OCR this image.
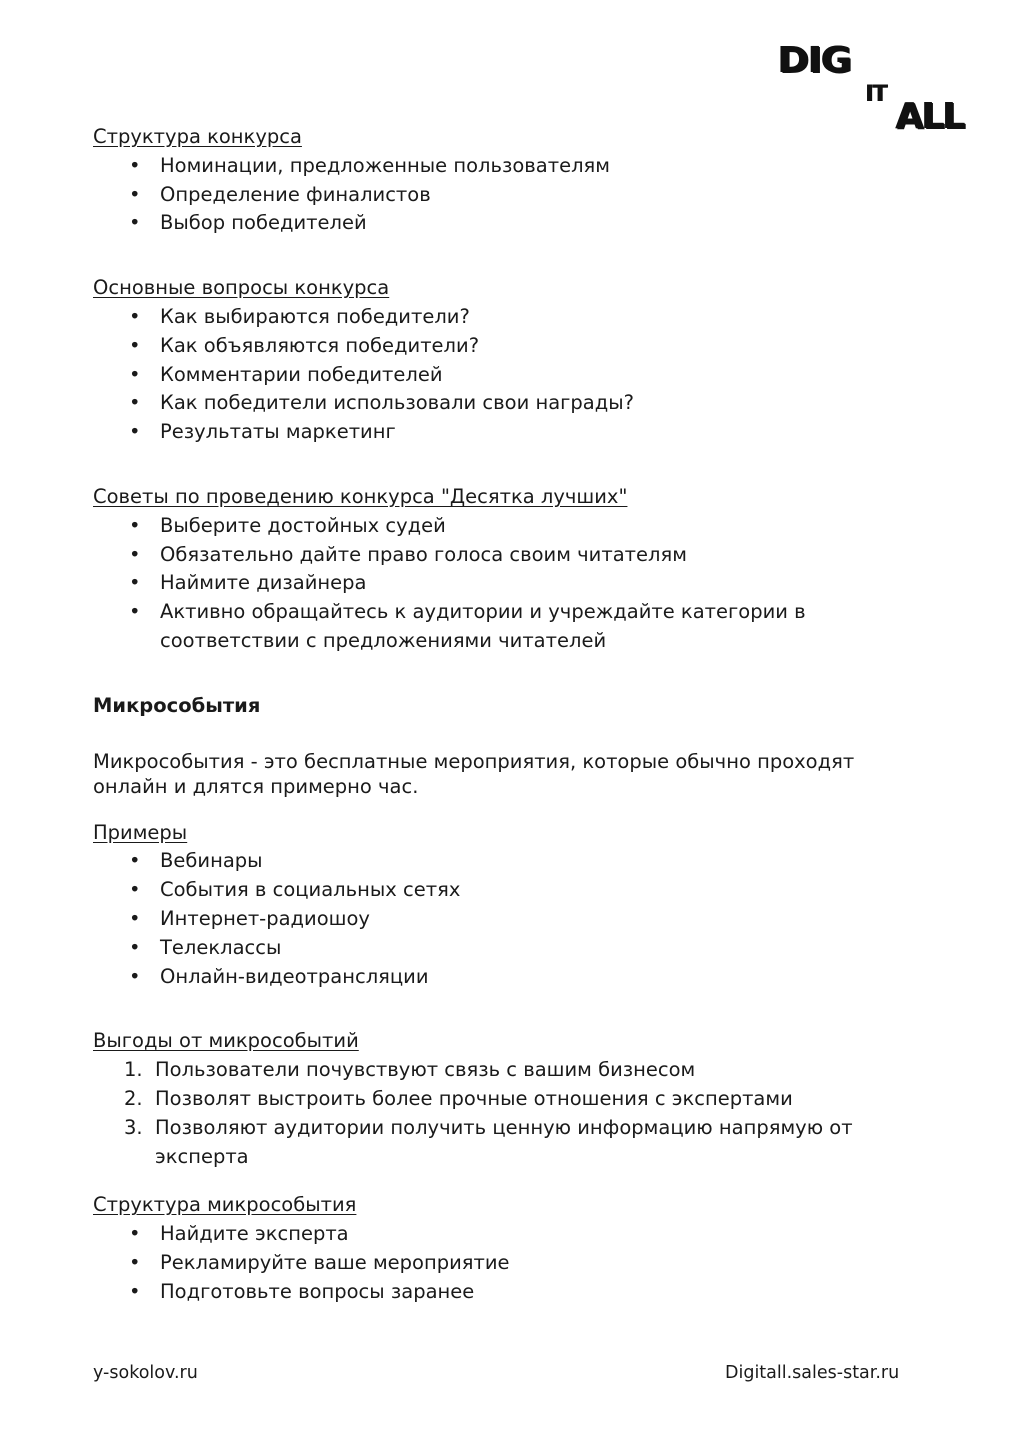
DIG
IT
ALL

Структура конкурса

• Номинации, предложенные пользователям
• Определение финалистов
• Выбор победителей

Основные вопросы конкурса

• Как выбираются победители?
• Как объявляются победители?
• Комментарии победителей
• Как победители использовали свои награды?
• Результаты маркетинг

Советы по проведению конкурса "Десятка лучших"

• Выберите достойных судей
• Обязательно дайте право голоса своим читателям
• Наймите дизайнера
• Активно обращайтесь к аудитории и учреждайте категории в соответствии с предложениями читателей

Микрособытия

Микрособытия - это бесплатные мероприятия, которые обычно проходят онлайн и длятся примерно час.

Примеры

• Вебинары
• События в социальных сетях
• Интернет-радиошоу
• Телеклассы
• Онлайн-видеотрансляции

Выгоды от микрособытий

1. Пользователи почувствуют связь с вашим бизнесом
2. Позволят выстроить более прочные отношения с экспертами
3. Позволяют аудитории получить ценную информацию напрямую от эксперта

Структура микрособытия

• Найдите эксперта
• Рекламируйте ваше мероприятие
• Подготовьте вопросы заранее
y-sokolov.ru	Digitall.sales-star.ru
